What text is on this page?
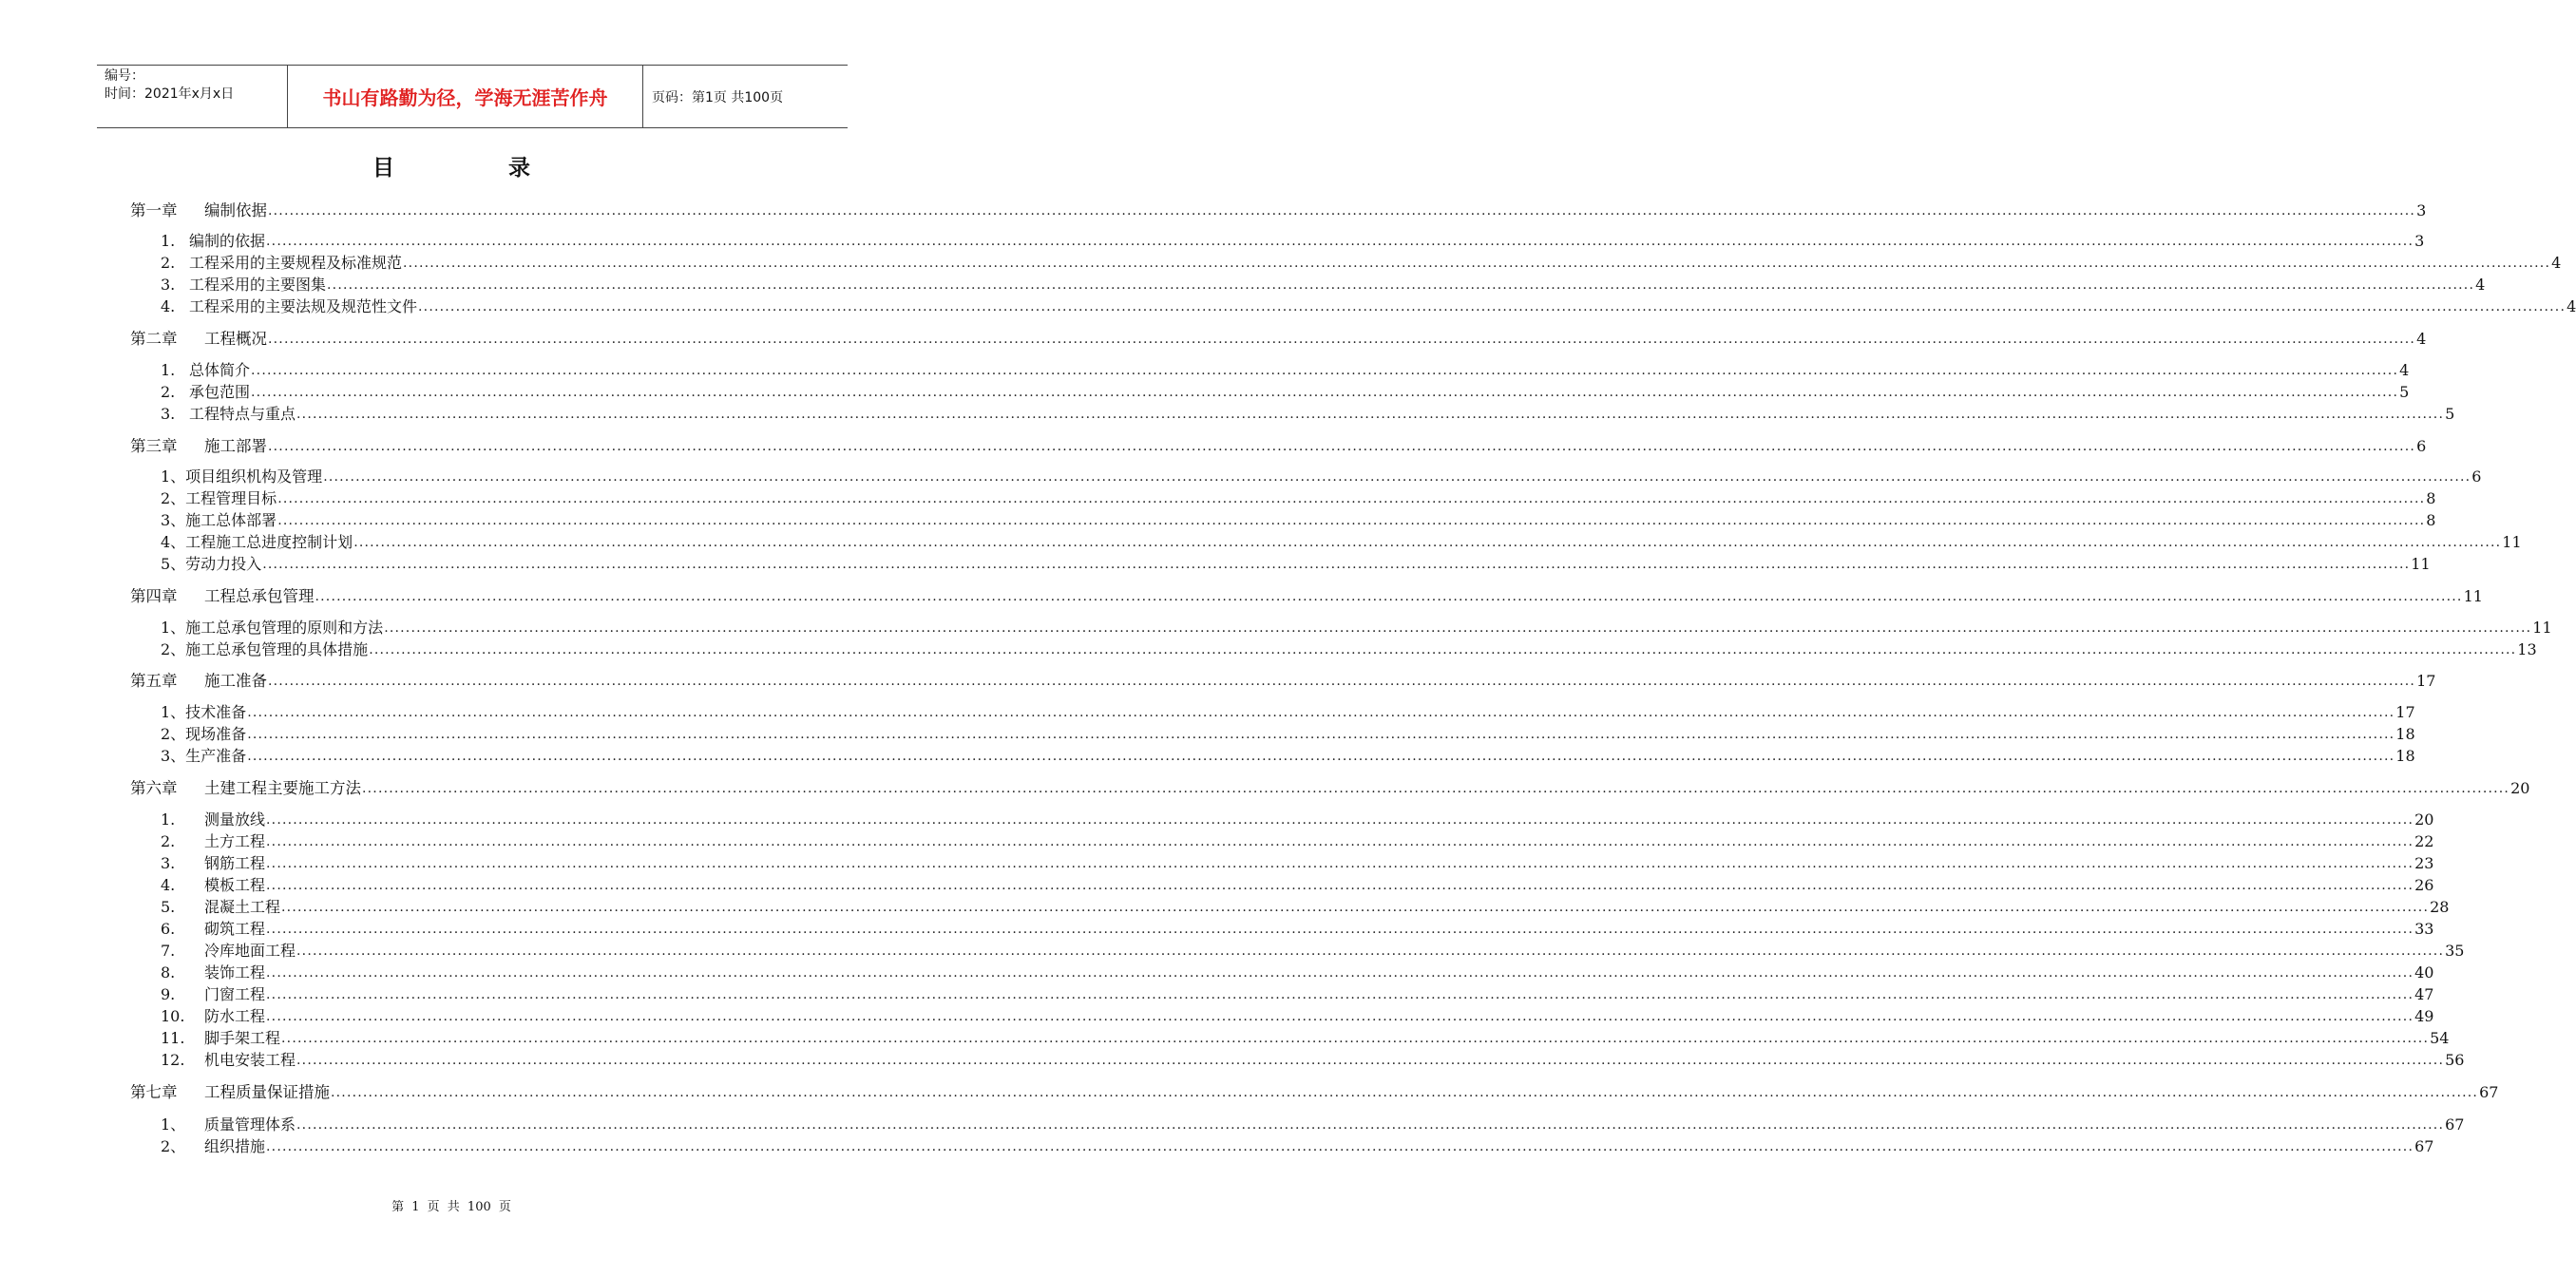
编号：
时间：2021年x月x日	书山有路勤为径，学海无涯苦作舟	页码：第1页 共100页
目	录
第一章 编制依据 ................................................................................................................................................................................................................................................................................................................................................................................................................ 3
1. 编制的依据 ................................................................................................................................................................................................................................................................................................................................................................................................................ 3
2. 工程采用的主要规程及标准规范 ................................................................................................................................................................................................................................................................................................................................................................................................................ 4
3. 工程采用的主要图集 ................................................................................................................................................................................................................................................................................................................................................................................................................ 4
4. 工程采用的主要法规及规范性文件 ................................................................................................................................................................................................................................................................................................................................................................................................................ 4
第二章 工程概况 ................................................................................................................................................................................................................................................................................................................................................................................................................ 4
1. 总体简介 ................................................................................................................................................................................................................................................................................................................................................................................................................ 4
2. 承包范围 ................................................................................................................................................................................................................................................................................................................................................................................................................ 5
3. 工程特点与重点 ................................................................................................................................................................................................................................................................................................................................................................................................................ 5
第三章 施工部署 ................................................................................................................................................................................................................................................................................................................................................................................................................ 6
1、项目组织机构及管理 ................................................................................................................................................................................................................................................................................................................................................................................................................ 6
2、工程管理目标 ................................................................................................................................................................................................................................................................................................................................................................................................................ 8
3、施工总体部署 ................................................................................................................................................................................................................................................................................................................................................................................................................ 8
4、工程施工总进度控制计划 ................................................................................................................................................................................................................................................................................................................................................................................................................ 11
5、劳动力投入 ................................................................................................................................................................................................................................................................................................................................................................................................................ 11
第四章 工程总承包管理 ................................................................................................................................................................................................................................................................................................................................................................................................................ 11
1、施工总承包管理的原则和方法 ................................................................................................................................................................................................................................................................................................................................................................................................................ 11
2、施工总承包管理的具体措施 ................................................................................................................................................................................................................................................................................................................................................................................................................ 13
第五章 施工准备 ................................................................................................................................................................................................................................................................................................................................................................................................................ 17
1、技术准备 ................................................................................................................................................................................................................................................................................................................................................................................................................ 17
2、现场准备 ................................................................................................................................................................................................................................................................................................................................................................................................................ 18
3、生产准备 ................................................................................................................................................................................................................................................................................................................................................................................................................ 18
第六章 土建工程主要施工方法 ................................................................................................................................................................................................................................................................................................................................................................................................................ 20
1. 测量放线 ................................................................................................................................................................................................................................................................................................................................................................................................................ 20
2. 土方工程 ................................................................................................................................................................................................................................................................................................................................................................................................................ 22
3. 钢筋工程 ................................................................................................................................................................................................................................................................................................................................................................................................................ 23
4. 模板工程 ................................................................................................................................................................................................................................................................................................................................................................................................................ 26
5. 混凝土工程 ................................................................................................................................................................................................................................................................................................................................................................................................................ 28
6. 砌筑工程 ................................................................................................................................................................................................................................................................................................................................................................................................................ 33
7. 冷库地面工程 ................................................................................................................................................................................................................................................................................................................................................................................................................ 35
8. 装饰工程 ................................................................................................................................................................................................................................................................................................................................................................................................................ 40
9. 门窗工程 ................................................................................................................................................................................................................................................................................................................................................................................................................ 47
10. 防水工程 ................................................................................................................................................................................................................................................................................................................................................................................................................ 49
11. 脚手架工程 ................................................................................................................................................................................................................................................................................................................................................................................................................ 54
12. 机电安装工程 ................................................................................................................................................................................................................................................................................................................................................................................................................ 56
第七章 工程质量保证措施 ................................................................................................................................................................................................................................................................................................................................................................................................................ 67
1、 质量管理体系 ................................................................................................................................................................................................................................................................................................................................................................................................................ 67
2、 组织措施 ................................................................................................................................................................................................................................................................................................................................................................................................................ 67
第 1 页 共 100 页
